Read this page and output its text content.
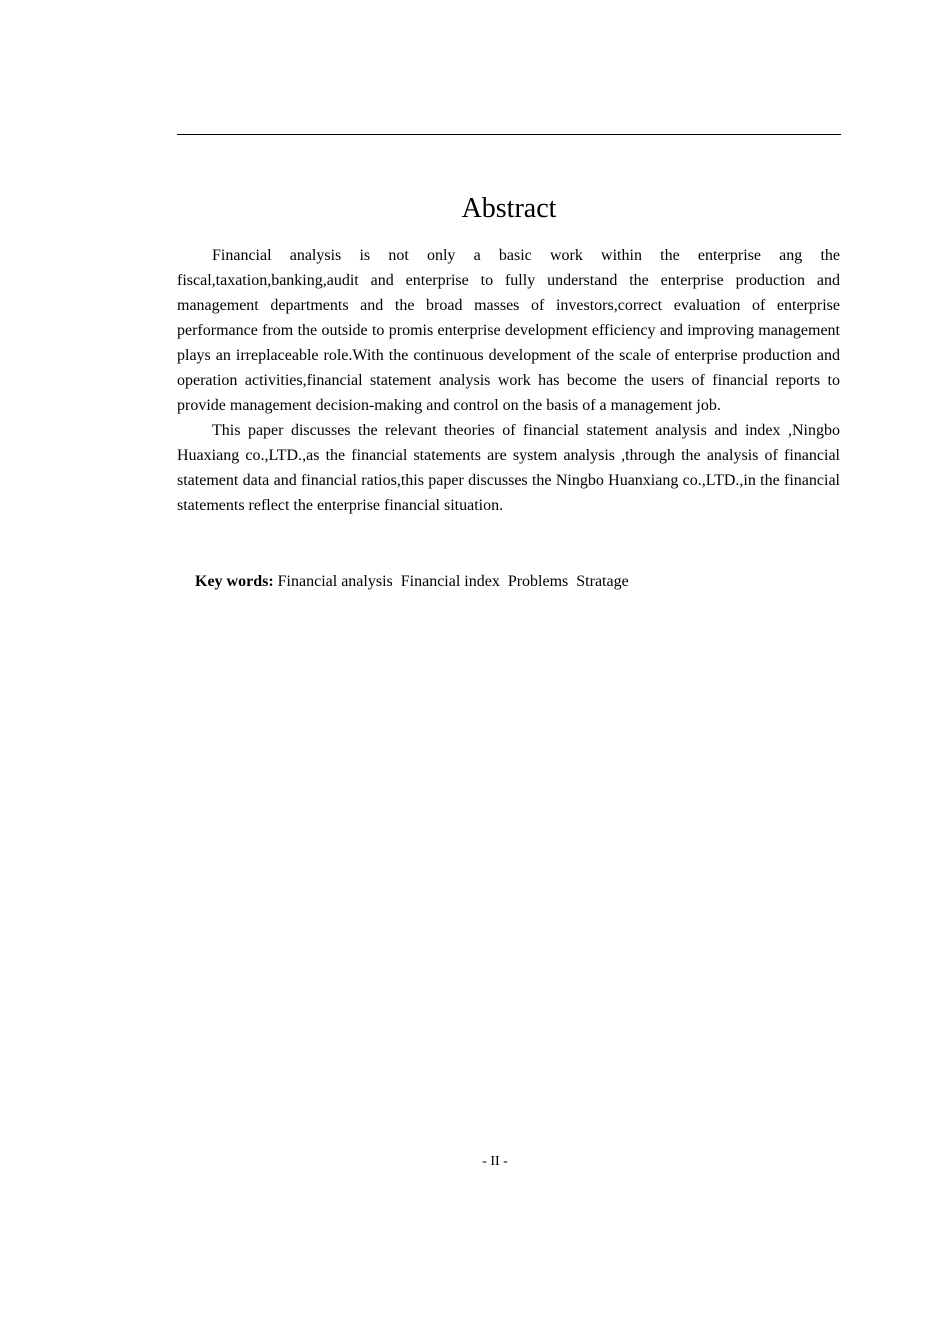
Abstract

Financial analysis is not only a basic work within the enterprise ang the fiscal,taxation,banking,audit and enterprise to fully understand the enterprise production and management departments and the broad masses of investors,correct evaluation of enterprise performance from the outside to promis enterprise development efficiency and improving management plays an irreplaceable role.With the continuous development of the scale of enterprise production and operation activities,financial statement analysis work has become the users of financial reports to provide management decision-making and control on the basis of a management job.

This paper discusses the relevant theories of financial statement analysis and index ,Ningbo Huaxiang co.,LTD.,as the financial statements are system analysis ,through the analysis of financial statement data and financial ratios,this paper discusses the Ningbo Huanxiang co.,LTD.,in the financial statements reflect the enterprise financial situation.

Key words: Financial analysis  Financial index  Problems  Stratage
- II -
